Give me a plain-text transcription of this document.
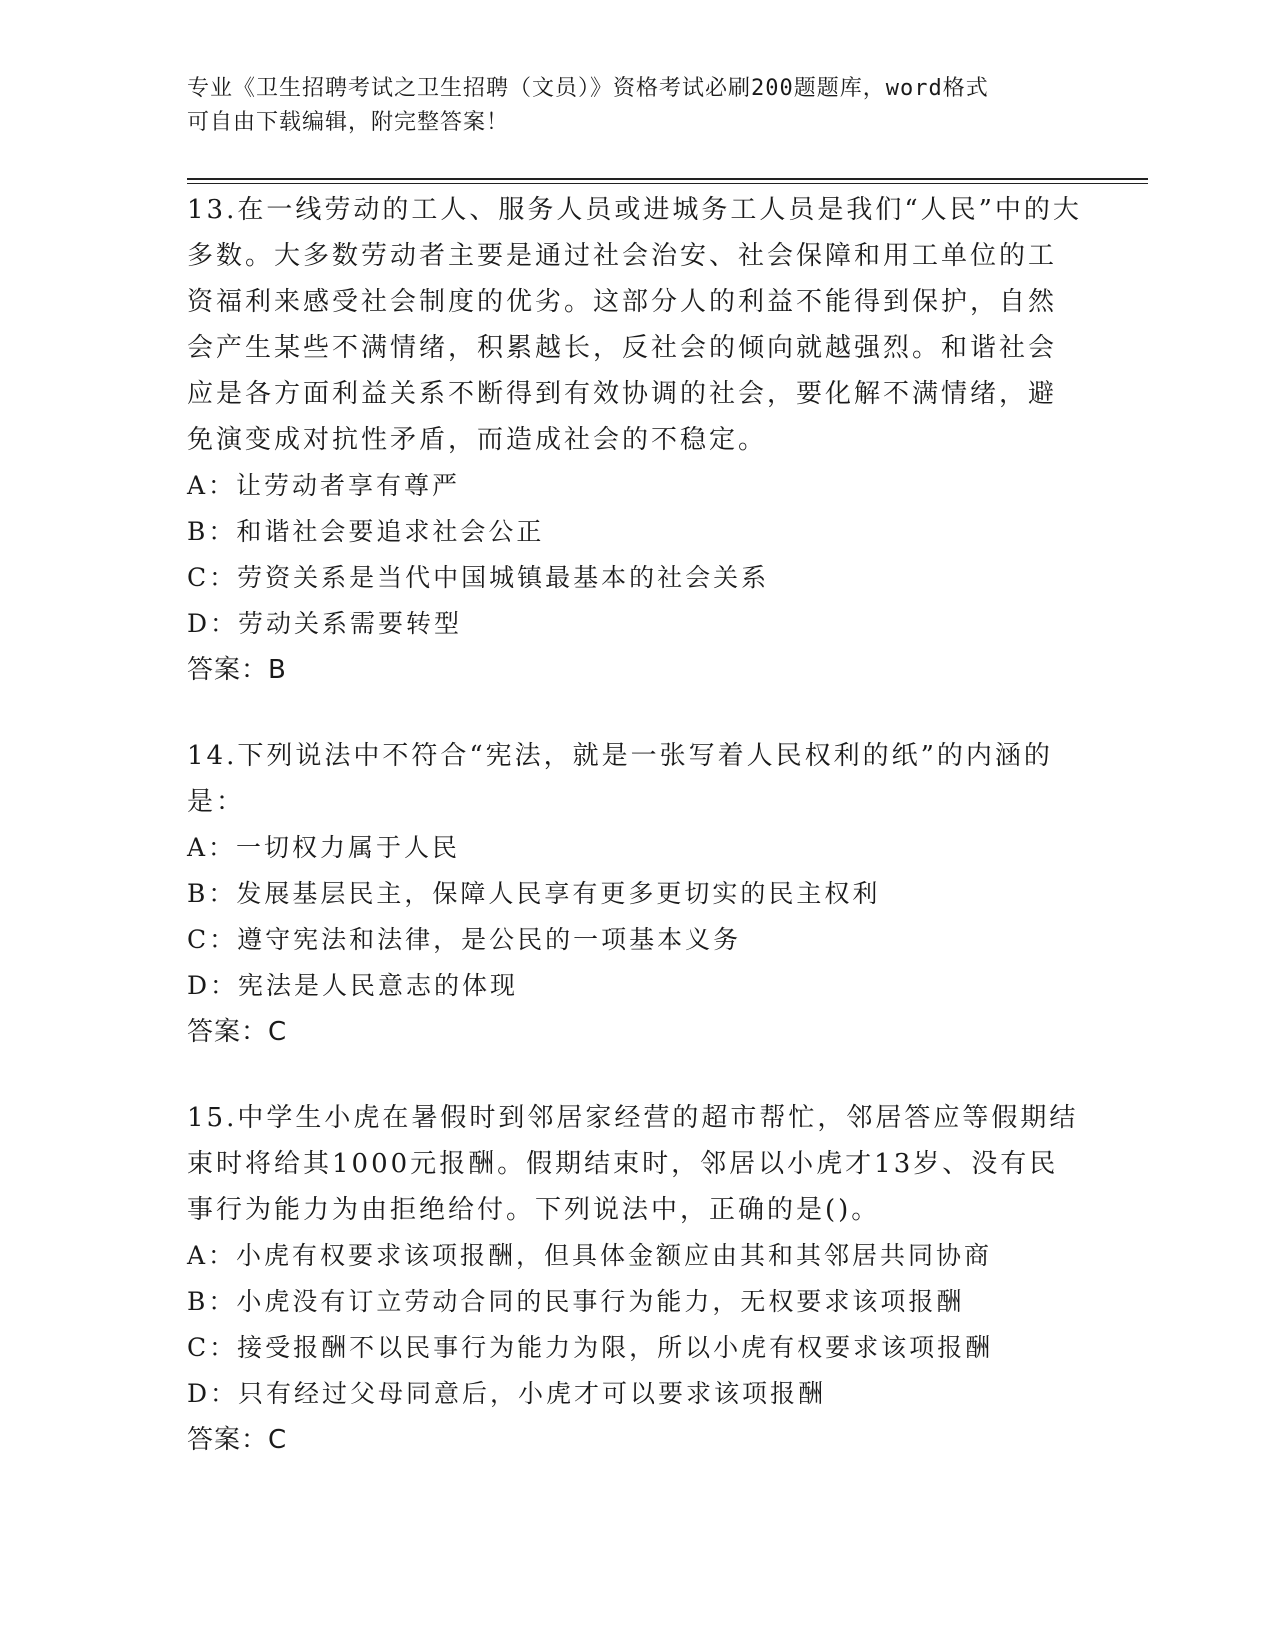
专业《卫生招聘考试之卫生招聘（文员）》资格考试必刷200题题库，word格式
可自由下载编辑，附完整答案！

13.在一线劳动的工人、服务人员或进城务工人员是我们“人民”中的大多数。大多数劳动者主要是通过社会治安、社会保障和用工单位的工资福利来感受社会制度的优劣。这部分人的利益不能得到保护，自然会产生某些不满情绪，积累越长，反社会的倾向就越强烈。和谐社会应是各方面利益关系不断得到有效协调的社会，要化解不满情绪，避免演变成对抗性矛盾，而造成社会的不稳定。

A：让劳动者享有尊严

B：和谐社会要追求社会公正

C：劳资关系是当代中国城镇最基本的社会关系

D：劳动关系需要转型

答案：B

14.下列说法中不符合“宪法，就是一张写着人民权利的纸”的内涵的是：

A：一切权力属于人民

B：发展基层民主，保障人民享有更多更切实的民主权利

C：遵守宪法和法律，是公民的一项基本义务

D：宪法是人民意志的体现

答案：C

15.中学生小虎在暑假时到邻居家经营的超市帮忙，邻居答应等假期结束时将给其1000元报酬。假期结束时，邻居以小虎才13岁、没有民事行为能力为由拒绝给付。下列说法中，正确的是()。

A：小虎有权要求该项报酬，但具体金额应由其和其邻居共同协商

B：小虎没有订立劳动合同的民事行为能力，无权要求该项报酬

C：接受报酬不以民事行为能力为限，所以小虎有权要求该项报酬

D：只有经过父母同意后，小虎才可以要求该项报酬

答案：C
